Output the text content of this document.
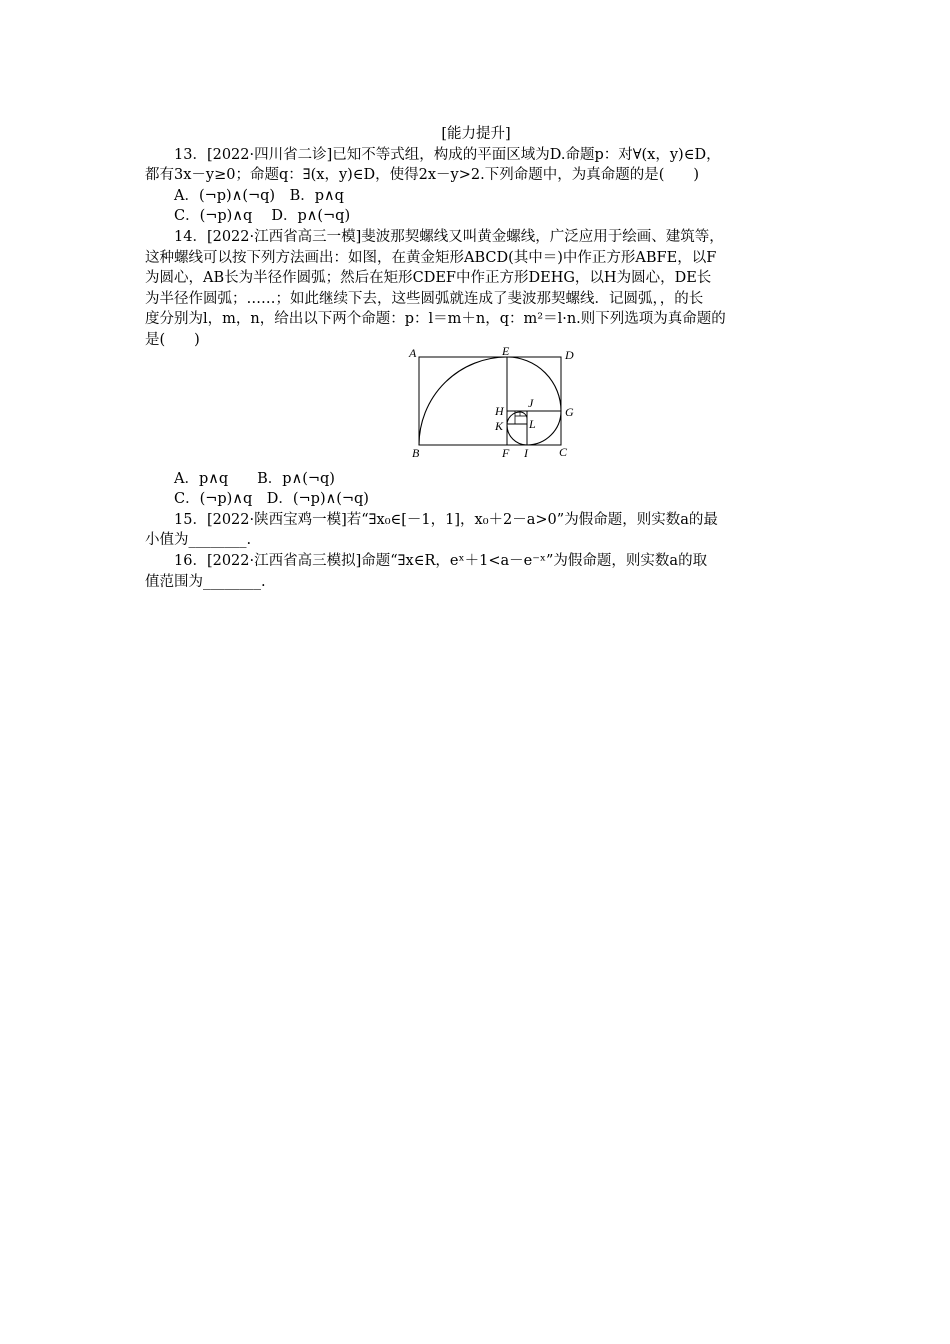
[能力提升]
13．[2022·四川省二诊]已知不等式组，构成的平面区域为D.命题p：对∀(x，y)∈D，
都有3x－y≥0；命题q：∃(x，y)∈D，使得2x－y>2.下列命题中，为真命题的是(　　)
A．(¬p)∧(¬q)　B．p∧q
C．(¬p)∧q　 D．p∧(¬q)
14．[2022·江西省高三一模]斐波那契螺线又叫黄金螺线，广泛应用于绘画、建筑等，
这种螺线可以按下列方法画出：如图，在黄金矩形ABCD(其中＝)中作正方形ABFE，以F
为圆心，AB长为半径作圆弧；然后在矩形CDEF中作正方形DEHG，以H为圆心，DE长
为半径作圆弧；……；如此继续下去，这些圆弧就连成了斐波那契螺线．记圆弧，，的长
度分别为l，m，n，给出以下两个命题：p：l＝m＋n，q：m²＝l·n.则下列选项为真命题的
是(　　)
A	E	D
H
J
G
K L
B	F I	C
A．p∧q　　B．p∧(¬q)
C．(¬p)∧q　D．(¬p)∧(¬q)
15．[2022·陕西宝鸡一模]若“∃x₀∈[－1，1]，x₀＋2－a>0”为假命题，则实数a的最
小值为________.
16．[2022·江西省高三模拟]命题“∃x∈R，eˣ＋1<a－e⁻ˣ”为假命题，则实数a的取
值范围为________.
